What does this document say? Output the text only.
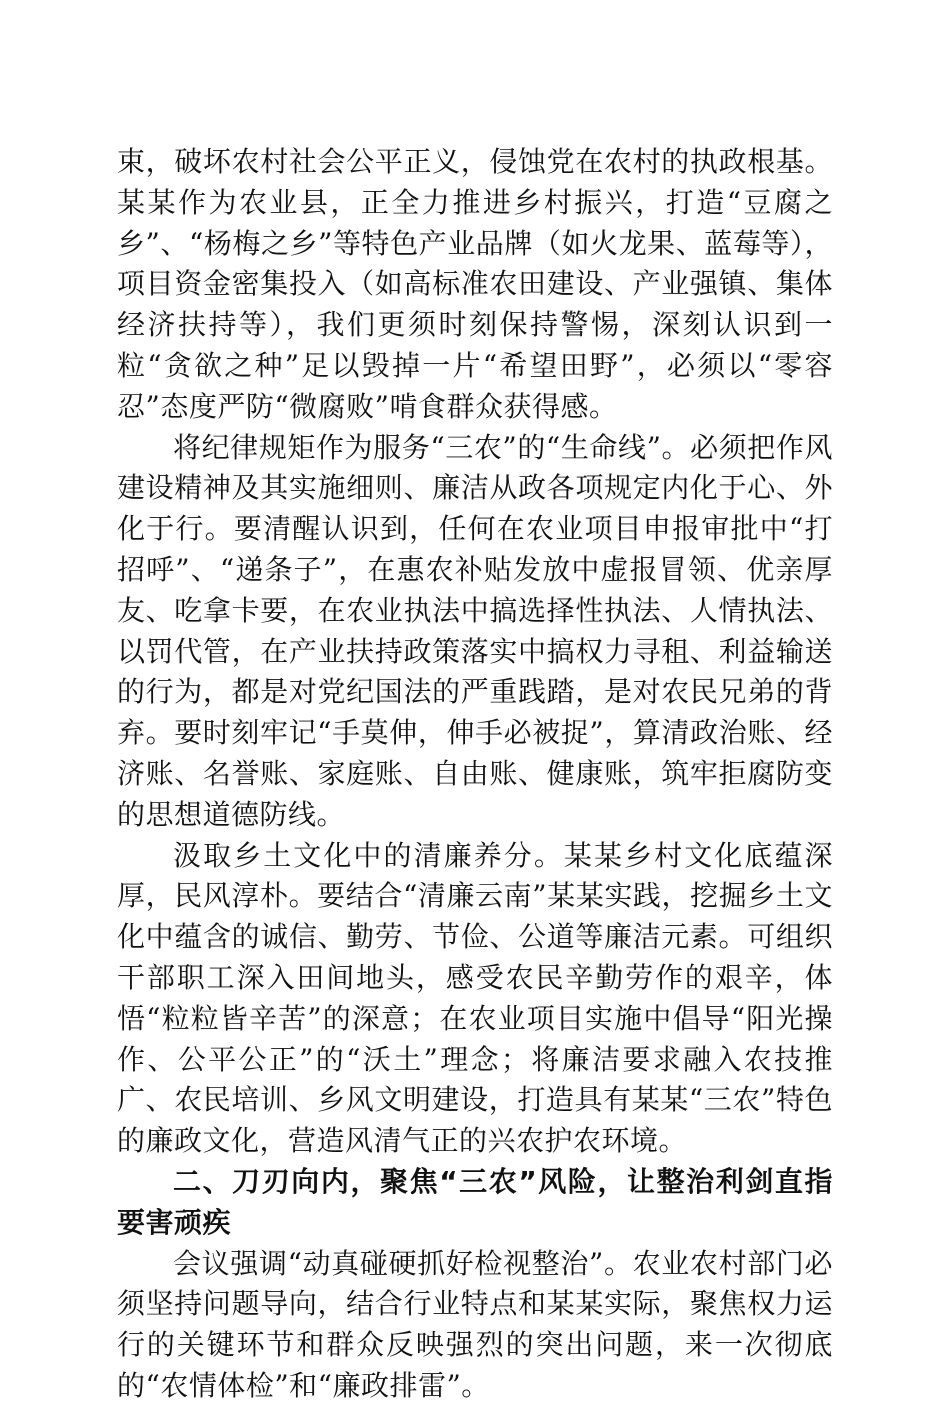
束，破坏农村社会公平正义，侵蚀党在农村的执政根基。某某作为农业县，正全力推进乡村振兴，打造“豆腐之乡”、“杨梅之乡”等特色产业品牌（如火龙果、蓝莓等），项目资金密集投入（如高标准农田建设、产业强镇、集体经济扶持等），我们更须时刻保持警惕，深刻认识到一粒“贪欲之种”足以毁掉一片“希望田野”，必须以“零容忍”态度严防“微腐败”啃食群众获得感。

将纪律规矩作为服务“三农”的“生命线”。必须把作风建设精神及其实施细则、廉洁从政各项规定内化于心、外化于行。要清醒认识到，任何在农业项目申报审批中“打招呼”、“递条子”，在惠农补贴发放中虚报冒领、优亲厚友、吃拿卡要，在农业执法中搞选择性执法、人情执法、以罚代管，在产业扶持政策落实中搞权力寻租、利益输送的行为，都是对党纪国法的严重践踏，是对农民兄弟的背弃。要时刻牢记“手莫伸，伸手必被捉”，算清政治账、经济账、名誉账、家庭账、自由账、健康账，筑牢拒腐防变的思想道德防线。

汲取乡土文化中的清廉养分。某某乡村文化底蕴深厚，民风淳朴。要结合“清廉云南”某某实践，挖掘乡土文化中蕴含的诚信、勤劳、节俭、公道等廉洁元素。可组织干部职工深入田间地头，感受农民辛勤劳作的艰辛，体悟“粒粒皆辛苦”的深意；在农业项目实施中倡导“阳光操作、公平公正”的“沃土”理念；将廉洁要求融入农技推广、农民培训、乡风文明建设，打造具有某某“三农”特色的廉政文化，营造风清气正的兴农护农环境。

二、刀刃向内，聚焦“三农”风险，让整治利剑直指要害顽疾

会议强调“动真碰硬抓好检视整治”。农业农村部门必须坚持问题导向，结合行业特点和某某实际，聚焦权力运行的关键环节和群众反映强烈的突出问题，来一次彻底的“农情体检”和“廉政排雷”。
